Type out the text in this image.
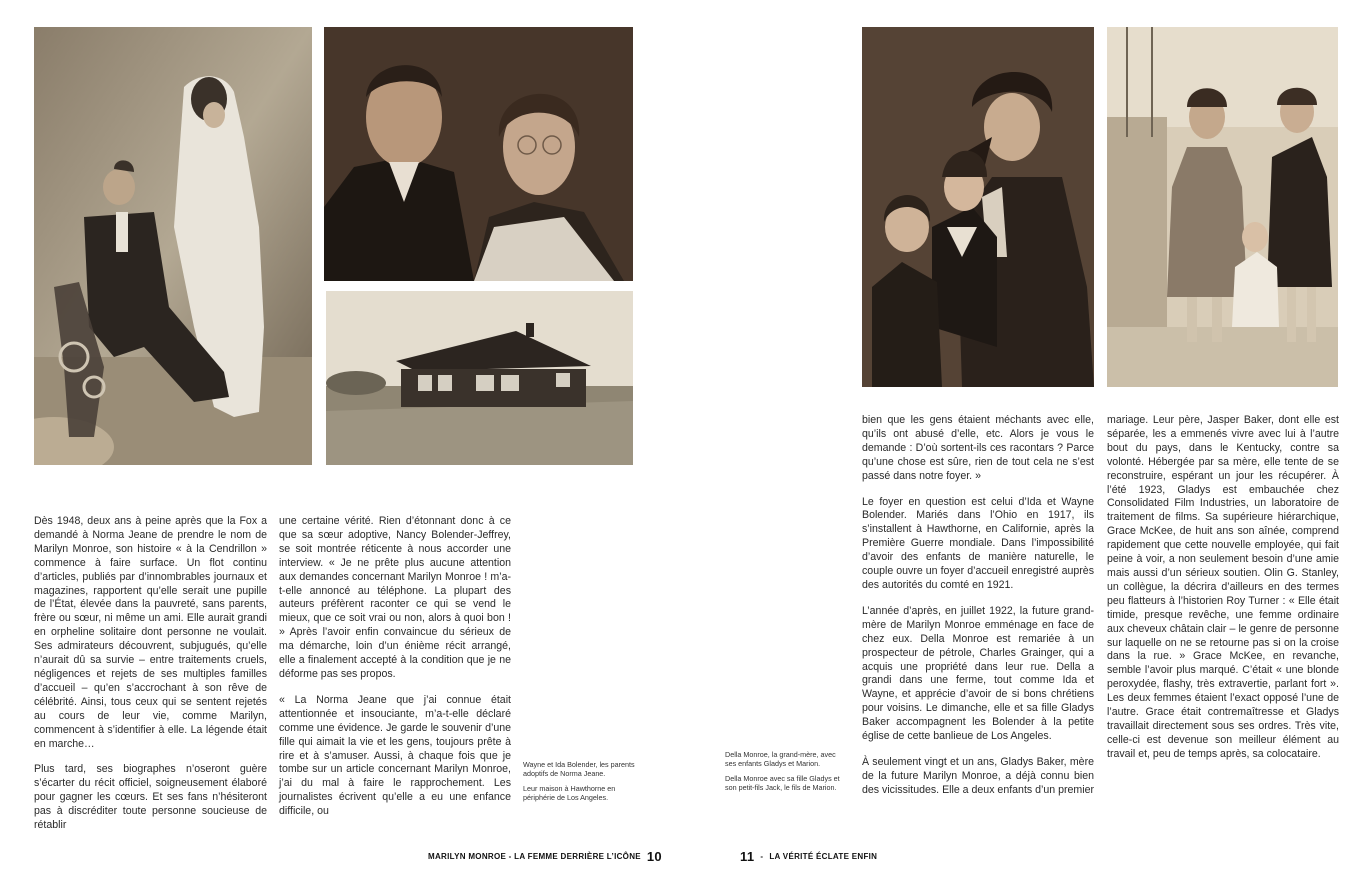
Dès 1948, deux ans à peine après que la Fox a demandé à Norma Jeane de prendre le nom de Marilyn Monroe, son histoire « à la Cendrillon » commence à faire surface. Un flot continu d’articles, publiés par d’innombrables journaux et magazines, rapportent qu’elle serait une pupille de l’État, élevée dans la pauvreté, sans parents, frère ou sœur, ni même un ami. Elle aurait grandi en orpheline solitaire dont personne ne voulait. Ses admirateurs découvrent, subjugués, qu’elle n’aurait dû sa survie – entre traitements cruels, négligences et rejets de ses multiples familles d’accueil – qu’en s’accrochant à son rêve de célébrité. Ainsi, tous ceux qui se sentent rejetés au cours de leur vie, comme Marilyn, commencent à s’identifier à elle. La légende était en marche…

Plus tard, ses biographes n’oseront guère s’écarter du récit officiel, soigneusement élaboré pour gagner les cœurs. Et ses fans n’hésiteront pas à discréditer toute personne soucieuse de rétablir

une certaine vérité. Rien d’étonnant donc à ce que sa sœur adoptive, Nancy Bolender-Jeffrey, se soit montrée réticente à nous accorder une interview. « Je ne prête plus aucune attention aux demandes concernant Marilyn Monroe ! m’a-t-elle annoncé au téléphone. La plupart des auteurs préfèrent raconter ce qui se vend le mieux, que ce soit vrai ou non, alors à quoi bon ! » Après l’avoir enfin convaincue du sérieux de ma démarche, loin d’un énième récit arrangé, elle a finalement accepté à la condition que je ne déforme pas ses propos.

« La Norma Jeane que j’ai connue était attentionnée et insouciante, m’a-t-elle déclaré comme une évidence. Je garde le souvenir d’une fille qui aimait la vie et les gens, toujours prête à rire et à s’amuser. Aussi, à chaque fois que je tombe sur un article concernant Marilyn Monroe, j’ai du mal à faire le rapprochement. Les journalistes écrivent qu’elle a eu une enfance difficile, ou

Wayne et Ida Bolender, les parents adoptifs de Norma Jeane.

Leur maison à Hawthorne en périphérie de Los Angeles.

MARILYN MONROE - LA FEMME DERRIÈRE L’ICÔNE 10

Della Monroe, la grand-mère, avec ses enfants Gladys et Marion.

Della Monroe avec sa fille Gladys et son petit-fils Jack, le fils de Marion.

bien que les gens étaient méchants avec elle, qu’ils ont abusé d’elle, etc. Alors je vous le demande : D’où sortent-ils ces racontars ? Parce qu’une chose est sûre, rien de tout cela ne s’est passé dans notre foyer. »

Le foyer en question est celui d’Ida et Wayne Bolender. Mariés dans l’Ohio en 1917, ils s’installent à Hawthorne, en Californie, après la Première Guerre mondiale. Dans l’impossibilité d’avoir des enfants de manière naturelle, le couple ouvre un foyer d’accueil enregistré auprès des autorités du comté en 1921.

L’année d’après, en juillet 1922, la future grand-mère de Marilyn Monroe emménage en face de chez eux. Della Monroe est remariée à un prospecteur de pétrole, Charles Grainger, qui a acquis une propriété dans leur rue. Della a grandi dans une ferme, tout comme Ida et Wayne, et apprécie d’avoir de si bons chrétiens pour voisins. Le dimanche, elle et sa fille Gladys Baker accompagnent les Bolender à la petite église de cette banlieue de Los Angeles.

À seulement vingt et un ans, Gladys Baker, mère de la future Marilyn Monroe, a déjà connu bien des vicissitudes. Elle a deux enfants d’un premier

mariage. Leur père, Jasper Baker, dont elle est séparée, les a emmenés vivre avec lui à l’autre bout du pays, dans le Kentucky, contre sa volonté. Hébergée par sa mère, elle tente de se reconstruire, espérant un jour les récupérer. À l’été 1923, Gladys est embauchée chez Consolidated Film Industries, un laboratoire de traitement de films. Sa supérieure hiérarchique, Grace McKee, de huit ans son aînée, comprend rapidement que cette nouvelle employée, qui fait peine à voir, a non seulement besoin d’une amie mais aussi d’un sérieux soutien. Olin G. Stanley, un collègue, la décrira d’ailleurs en des termes peu flatteurs à l’historien Roy Turner : « Elle était timide, presque revêche, une femme ordinaire aux cheveux châtain clair – le genre de personne sur laquelle on ne se retourne pas si on la croise dans la rue. » Grace McKee, en revanche, semble l’avoir plus marqué. C’était « une blonde peroxydée, flashy, très extravertie, parlant fort ». Les deux femmes étaient l’exact opposé l’une de l’autre. Grace était contremaîtresse et Gladys travaillait directement sous ses ordres. Très vite, celle-ci est devenue son meilleur élément au travail et, peu de temps après, sa colocataire.

11 - LA VÉRITÉ ÉCLATE ENFIN
